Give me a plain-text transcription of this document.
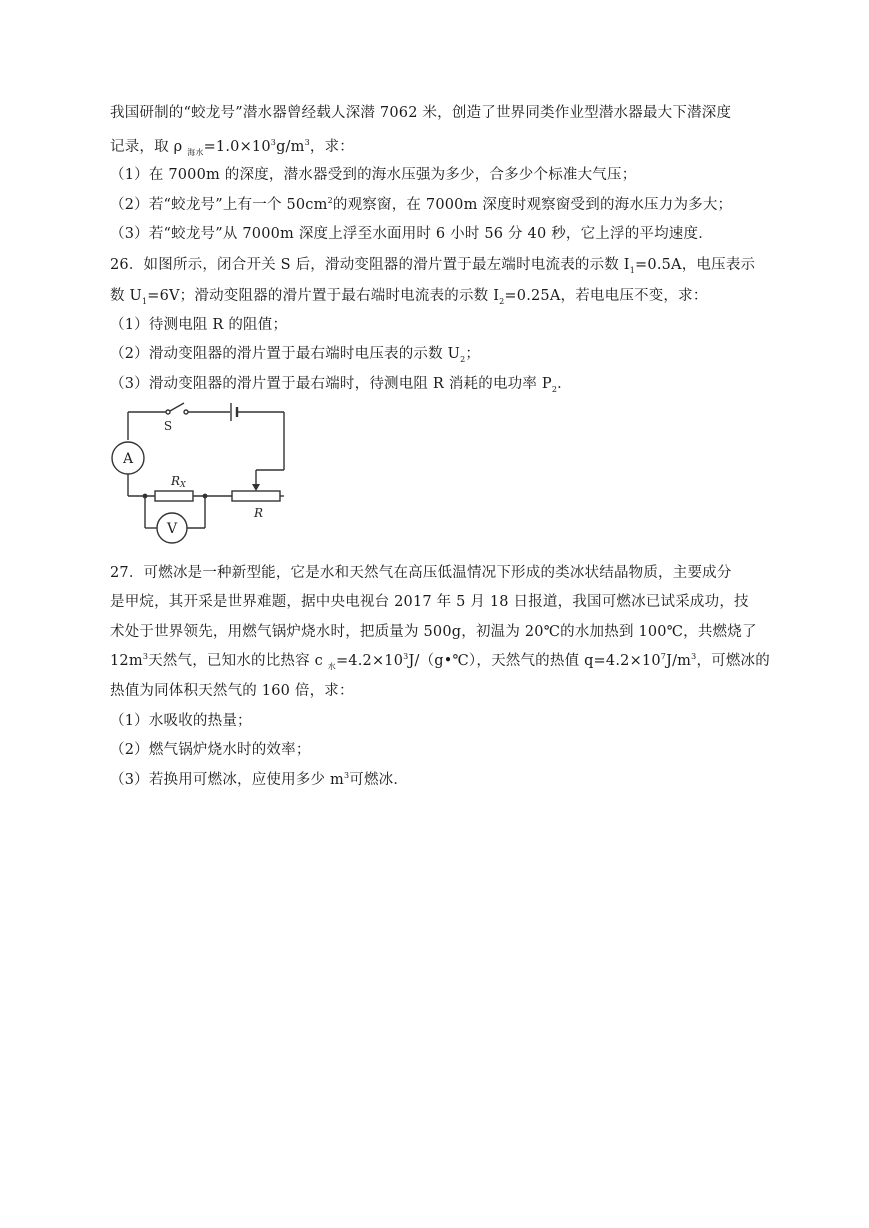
我国研制的“蛟龙号”潜水器曾经载人深潜 7062 米，创造了世界同类作业型潜水器最大下潜深度
记录，取 ρ $_{海水}=1.0\times 10^3g/m^3$，求：
（1）在 7000m 的深度，潜水器受到的海水压强为多少，合多少个标准大气压；
（2）若“蛟龙号”上有一个 $50cm^2$的观察窗，在 7000m 深度时观察窗受到的海水压力为多大；
（3）若“蛟龙号”从 7000m 深度上浮至水面用时 6 小时 56 分 40 秒，它上浮的平均速度．
26．如图所示，闭合开关 S 后，滑动变阻器的滑片置于最左端时电流表的示数 $I_1=0.5A$，电压表示
数 $U_1=6V$；滑动变阻器的滑片置于最右端时电流表的示数 $I_2=0.25A$，若电电压不变，求：
（1）待测电阻 R 的阻值；
（2）滑动变阻器的滑片置于最右端时电压表的示数 $U_2$；
（3）滑动变阻器的滑片置于最右端时，待测电阻 R 消耗的电功率 $P_2$．
S
A
V
RX
R
27．可燃冰是一种新型能，它是水和天然气在高压低温情况下形成的类冰状结晶物质，主要成分
是甲烷，其开采是世界难题，据中央电视台 2017 年 5 月 18 日报道，我国可燃冰已试采成功，技
术处于世界领先，用燃气锅炉烧水时，把质量为 500g，初温为 20℃的水加热到 100℃，共燃烧了
$12m^3$天然气，已知水的比热容 c $_水=4.2\times 10^3J/(g•℃)$，天然气的热值 $q=4.2\times 10^7J/m^3$，可燃冰的
热值为同体积天然气的 160 倍，求：
（1）水吸收的热量；
（2）燃气锅炉烧水时的效率；
（3）若换用可燃冰，应使用多少 $m^3$可燃冰．
